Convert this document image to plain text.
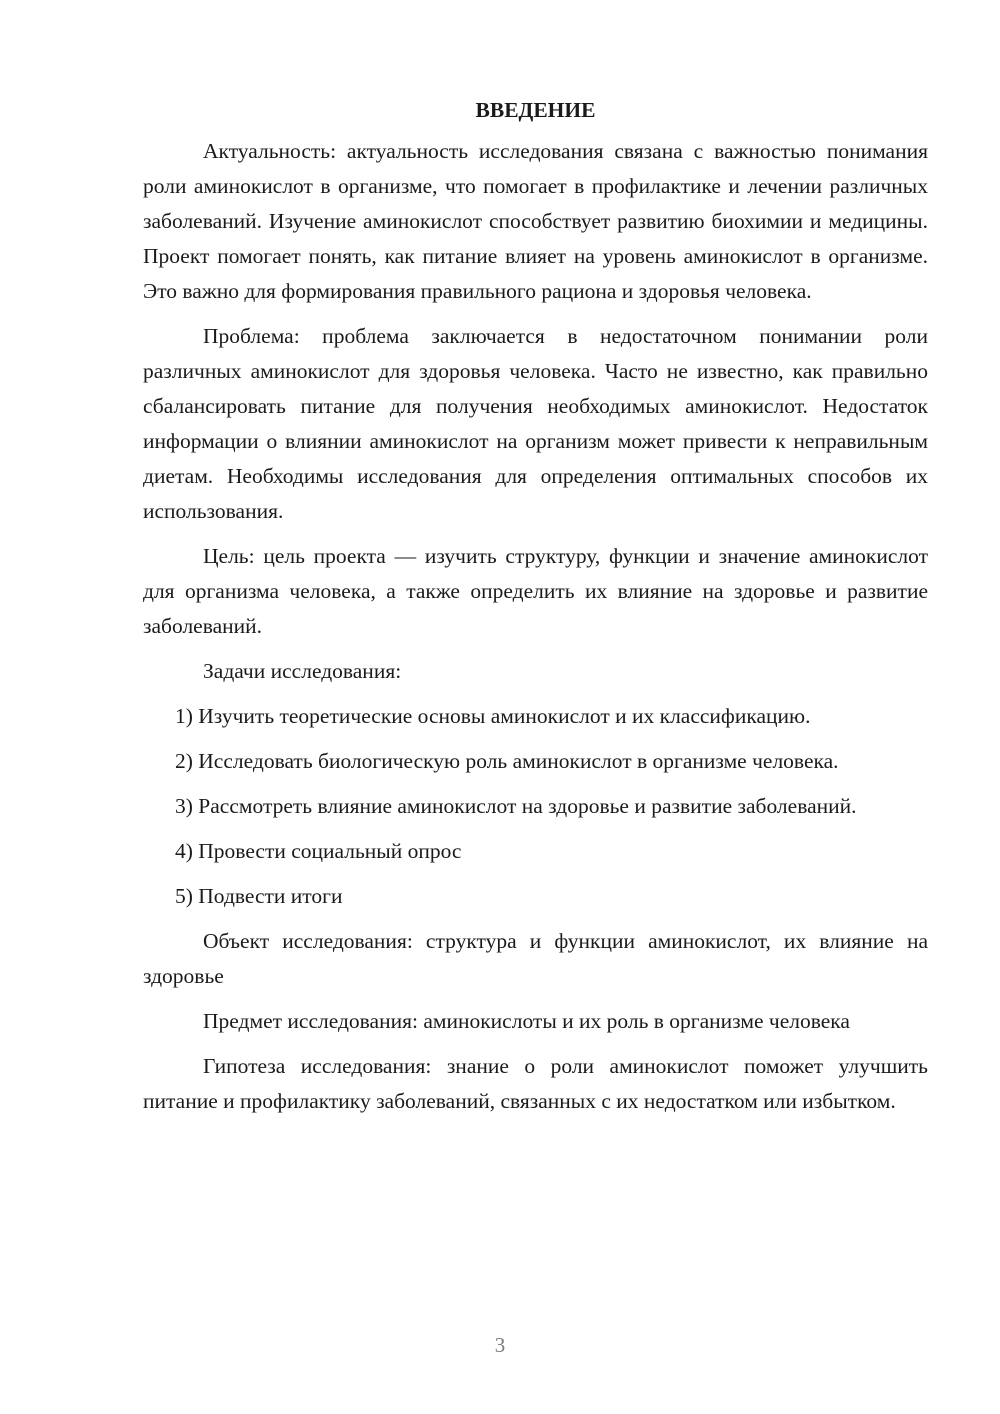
ВВЕДЕНИЕ

Актуальность: актуальность исследования связана с важностью понимания роли аминокислот в организме, что помогает в профилактике и лечении различных заболеваний. Изучение аминокислот способствует развитию биохимии и медицины. Проект помогает понять, как питание влияет на уровень аминокислот в организме. Это важно для формирования правильного рациона и здоровья человека.

Проблема: проблема заключается в недостаточном понимании роли различных аминокислот для здоровья человека. Часто не известно, как правильно сбалансировать питание для получения необходимых аминокислот. Недостаток информации о влиянии аминокислот на организм может привести к неправильным диетам. Необходимы исследования для определения оптимальных способов их использования.

Цель: цель проекта — изучить структуру, функции и значение аминокислот для организма человека, а также определить их влияние на здоровье и развитие заболеваний.

Задачи исследования:

1) Изучить теоретические основы аминокислот и их классификацию.

2) Исследовать биологическую роль аминокислот в организме человека.

3) Рассмотреть влияние аминокислот на здоровье и развитие заболеваний.

4) Провести социальный опрос

5) Подвести итоги

Объект исследования: структура и функции аминокислот, их влияние на здоровье

Предмет исследования: аминокислоты и их роль в организме человека

Гипотеза исследования: знание о роли аминокислот поможет улучшить питание и профилактику заболеваний, связанных с их недостатком или избытком.

3
